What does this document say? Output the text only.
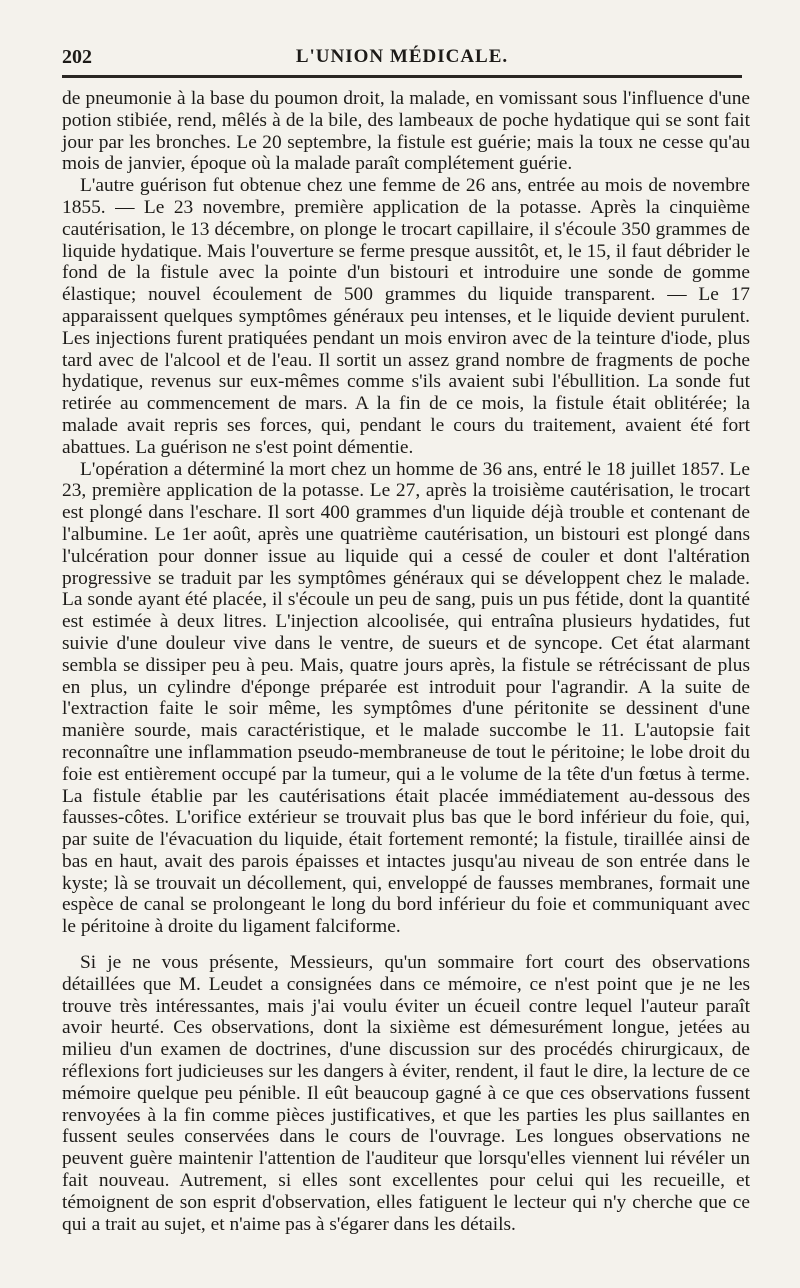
202	L'UNION MÉDICALE.

de pneumonie à la base du poumon droit, la malade, en vomissant sous l'influence d'une potion stibiée, rend, mêlés à de la bile, des lambeaux de poche hydatique qui se sont fait jour par les bronches. Le 20 septembre, la fistule est guérie; mais la toux ne cesse qu'au mois de janvier, époque où la malade paraît complétement guérie.

L'autre guérison fut obtenue chez une femme de 26 ans, entrée au mois de novembre 1855. — Le 23 novembre, première application de la potasse. Après la cinquième cautérisation, le 13 décembre, on plonge le trocart capillaire, il s'écoule 350 grammes de liquide hydatique. Mais l'ouverture se ferme presque aussitôt, et, le 15, il faut débrider le fond de la fistule avec la pointe d'un bistouri et introduire une sonde de gomme élastique; nouvel écoulement de 500 grammes du liquide transparent. — Le 17 apparaissent quelques symptômes généraux peu intenses, et le liquide devient purulent. Les injections furent pratiquées pendant un mois environ avec de la teinture d'iode, plus tard avec de l'alcool et de l'eau. Il sortit un assez grand nombre de fragments de poche hydatique, revenus sur eux-mêmes comme s'ils avaient subi l'ébullition. La sonde fut retirée au commencement de mars. A la fin de ce mois, la fistule était oblitérée; la malade avait repris ses forces, qui, pendant le cours du traitement, avaient été fort abattues. La guérison ne s'est point démentie.

L'opération a déterminé la mort chez un homme de 36 ans, entré le 18 juillet 1857. Le 23, première application de la potasse. Le 27, après la troisième cautérisation, le trocart est plongé dans l'eschare. Il sort 400 grammes d'un liquide déjà trouble et contenant de l'albumine. Le 1er août, après une quatrième cautérisation, un bistouri est plongé dans l'ulcération pour donner issue au liquide qui a cessé de couler et dont l'altération progressive se traduit par les symptômes généraux qui se développent chez le malade. La sonde ayant été placée, il s'écoule un peu de sang, puis un pus fétide, dont la quantité est estimée à deux litres. L'injection alcoolisée, qui entraîna plusieurs hydatides, fut suivie d'une douleur vive dans le ventre, de sueurs et de syncope. Cet état alarmant sembla se dissiper peu à peu. Mais, quatre jours après, la fistule se rétrécissant de plus en plus, un cylindre d'éponge préparée est introduit pour l'agrandir. A la suite de l'extraction faite le soir même, les symptômes d'une péritonite se dessinent d'une manière sourde, mais caractéristique, et le malade succombe le 11. L'autopsie fait reconnaître une inflammation pseudo-membraneuse de tout le péritoine; le lobe droit du foie est entièrement occupé par la tumeur, qui a le volume de la tête d'un fœtus à terme. La fistule établie par les cautérisations était placée immédiatement au-dessous des fausses-côtes. L'orifice extérieur se trouvait plus bas que le bord inférieur du foie, qui, par suite de l'évacuation du liquide, était fortement remonté; la fistule, tiraillée ainsi de bas en haut, avait des parois épaisses et intactes jusqu'au niveau de son entrée dans le kyste; là se trouvait un décollement, qui, enveloppé de fausses membranes, formait une espèce de canal se prolongeant le long du bord inférieur du foie et communiquant avec le péritoine à droite du ligament falciforme.

Si je ne vous présente, Messieurs, qu'un sommaire fort court des observations détaillées que M. Leudet a consignées dans ce mémoire, ce n'est point que je ne les trouve très intéressantes, mais j'ai voulu éviter un écueil contre lequel l'auteur paraît avoir heurté. Ces observations, dont la sixième est démesurément longue, jetées au milieu d'un examen de doctrines, d'une discussion sur des procédés chirurgicaux, de réflexions fort judicieuses sur les dangers à éviter, rendent, il faut le dire, la lecture de ce mémoire quelque peu pénible. Il eût beaucoup gagné à ce que ces observations fussent renvoyées à la fin comme pièces justificatives, et que les parties les plus saillantes en fussent seules conservées dans le cours de l'ouvrage. Les longues observations ne peuvent guère maintenir l'attention de l'auditeur que lorsqu'elles viennent lui révéler un fait nouveau. Autrement, si elles sont excellentes pour celui qui les recueille, et témoignent de son esprit d'observation, elles fatiguent le lecteur qui n'y cherche que ce qui a trait au sujet, et n'aime pas à s'égarer dans les détails.
